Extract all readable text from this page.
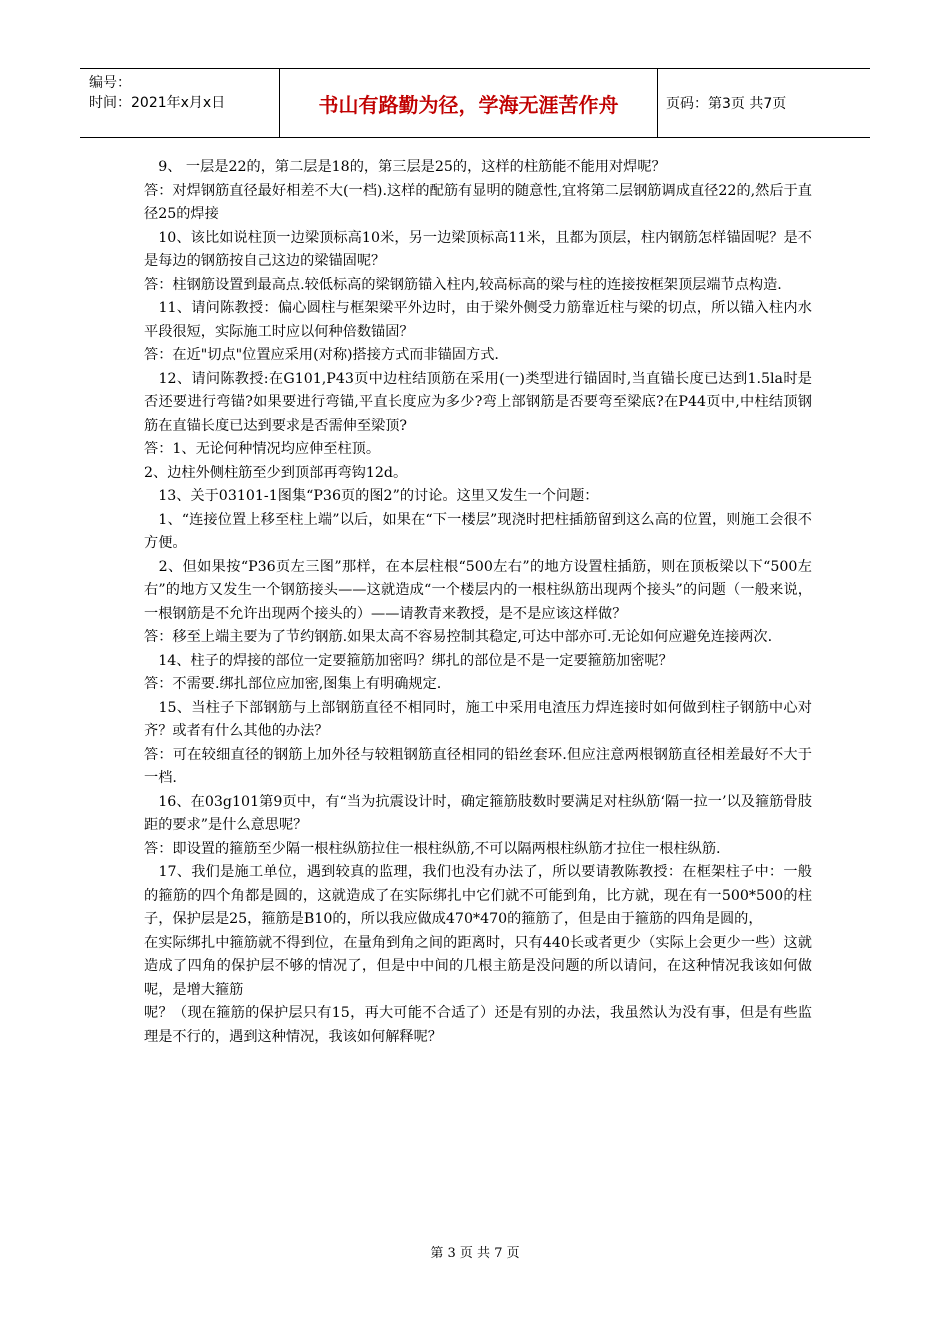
编号：
时间：2021年x月x日	书山有路勤为径，学海无涯苦作舟	页码：第3页 共7页

　9、 一层是22的，第二层是18的，第三层是25的，这样的柱筋能不能用对焊呢？

答：对焊钢筋直径最好相差不大(一档).这样的配筋有显明的随意性,宜将第二层钢筋调成直径22的,然后于直径25的焊接

　10、该比如说柱顶一边梁顶标高10米，另一边梁顶标高11米，且都为顶层，柱内钢筋怎样锚固呢？是不是每边的钢筋按自己这边的梁锚固呢？

答：柱钢筋设置到最高点.较低标高的梁钢筋锚入柱内,较高标高的梁与柱的连接按框架顶层端节点构造.

　11、请问陈教授：偏心圆柱与框架梁平外边时，由于梁外侧受力筋靠近柱与梁的切点，所以锚入柱内水平段很短，实际施工时应以何种倍数锚固？

答：在近"切点"位置应采用(对称)搭接方式而非锚固方式.

　12、请问陈教授:在G101,P43页中边柱结顶筋在采用(一)类型进行锚固时,当直锚长度已达到1.5la时是否还要进行弯锚?如果要进行弯锚,平直长度应为多少?弯上部钢筋是否要弯至梁底?在P44页中,中柱结顶钢筋在直锚长度已达到要求是否需伸至梁顶?

答：1、无论何种情况均应伸至柱顶。

2、边柱外侧柱筋至少到顶部再弯钩12d。

　13、关于03101-1图集“P36页的图2”的讨论。这里又发生一个问题：

　1、“连接位置上移至柱上端”以后，如果在“下一楼层”现浇时把柱插筋留到这么高的位置，则施工会很不方便。

　2、但如果按“P36页左三图”那样，在本层柱根“500左右”的地方设置柱插筋，则在顶板梁以下“500左右”的地方又发生一个钢筋接头——这就造成“一个楼层内的一根柱纵筋出现两个接头”的问题（一般来说，一根钢筋是不允许出现两个接头的）——请教青来教授，是不是应该这样做？

答：移至上端主要为了节约钢筋.如果太高不容易控制其稳定,可达中部亦可.无论如何应避免连接两次.

　14、柱子的焊接的部位一定要箍筋加密吗？绑扎的部位是不是一定要箍筋加密呢？

答：不需要.绑扎部位应加密,图集上有明确规定.

　15、当柱子下部钢筋与上部钢筋直径不相同时，施工中采用电渣压力焊连接时如何做到柱子钢筋中心对齐？或者有什么其他的办法？

答：可在较细直径的钢筋上加外径与较粗钢筋直径相同的铅丝套环.但应注意两根钢筋直径相差最好不大于一档.

　16、在03g101第9页中，有“当为抗震设计时，确定箍筋肢数时要满足对柱纵筋‘隔一拉一’以及箍筋骨肢距的要求”是什么意思呢？

答：即设置的箍筋至少隔一根柱纵筋拉住一根柱纵筋,不可以隔两根柱纵筋才拉住一根柱纵筋.

　17、我们是施工单位，遇到较真的监理，我们也没有办法了，所以要请教陈教授：在框架柱子中：一般的箍筋的四个角都是圆的，这就造成了在实际绑扎中它们就不可能到角，比方就，现在有一500*500的柱子，保护层是25，箍筋是B10的，所以我应做成470*470的箍筋了，但是由于箍筋的四角是圆的，

在实际绑扎中箍筋就不得到位，在量角到角之间的距离时，只有440长或者更少（实际上会更少一些）这就造成了四角的保护层不够的情况了，但是中中间的几根主筋是没问题的所以请问，在这种情况我该如何做呢，是增大箍筋

呢？（现在箍筋的保护层只有15，再大可能不合适了）还是有别的办法，我虽然认为没有事，但是有些监理是不行的，遇到这种情况，我该如何解释呢？

第 3 页 共 7 页
